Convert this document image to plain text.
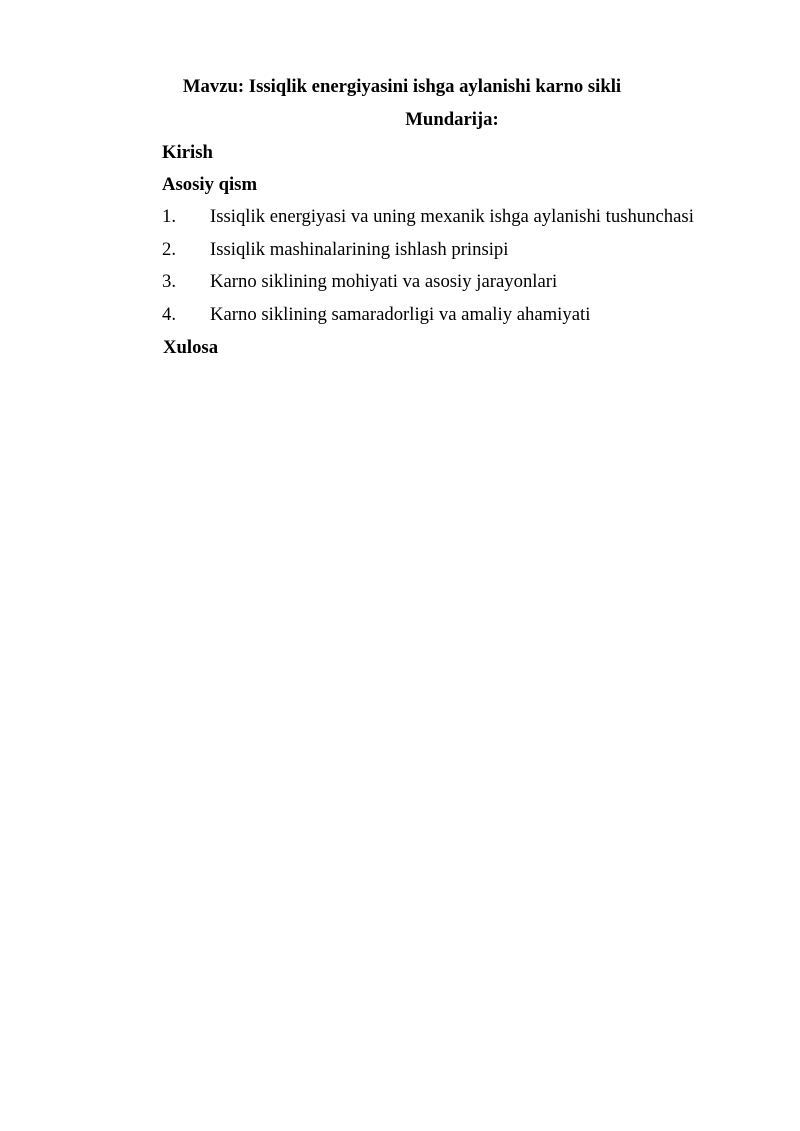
Mavzu: Issiqlik energiyasini ishga aylanishi karno sikli
Mundarija:
Kirish
Asosiy qism
1. Issiqlik energiyasi va uning mexanik ishga aylanishi tushunchasi
2. Issiqlik mashinalarining ishlash prinsipi
3. Karno siklining mohiyati va asosiy jarayonlari
4. Karno siklining samaradorligi va amaliy ahamiyati
Xulosa
